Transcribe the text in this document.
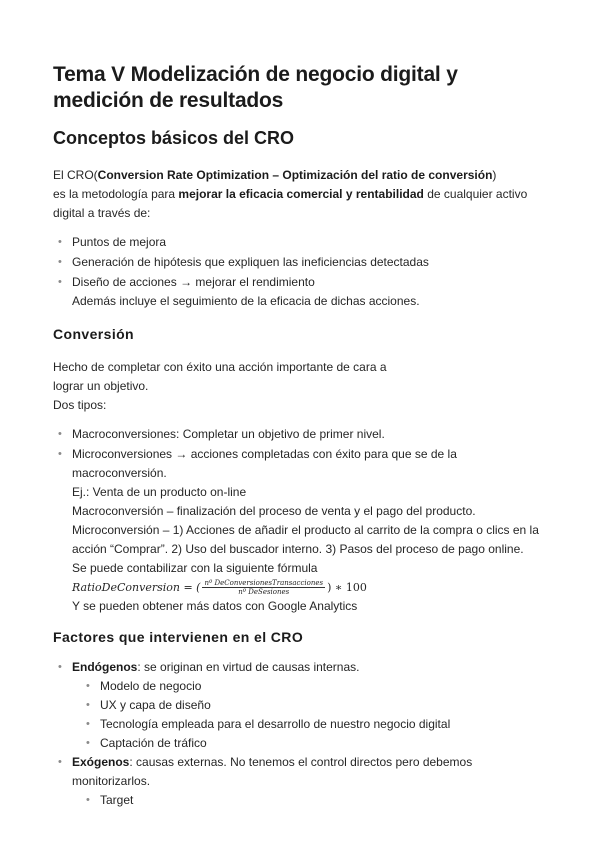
Tema V Modelización de negocio digital y medición de resultados
Conceptos básicos del CRO

El CRO(Conversion Rate Optimization – Optimización del ratio de conversión)
es la metodología para mejorar la eficacia comercial y rentabilidad de cualquier activo digital a través de:

• Puntos de mejora
• Generación de hipótesis que expliquen las ineficiencias detectadas
• Diseño de acciones → mejorar el rendimiento
Además incluye el seguimiento de la eficacia de dichas acciones.
Conversión

Hecho de completar con éxito una acción importante de cara a
lograr un objetivo.
Dos tipos:

• Macroconversiones: Completar un objetivo de primer nivel.
• Microconversiones → acciones completadas con éxito para que se de la macroconversión.
Ej.: Venta de un producto on-line
Macroconversión – finalización del proceso de venta y el pago del producto.
Microconversión – 1) Acciones de añadir el producto al carrito de la compra o clics en la acción “Comprar”. 2) Uso del buscador interno. 3) Pasos del proceso de pago online.
Se puede contabilizar con la siguiente fórmula

RatioDeConversion = ( $\frac{\text{nº DeConversionesTransacciones}}{\text{nº DeSesiones}}$ ) ∗ 100

Y se pueden obtener más datos con Google Analytics
Factores que intervienen en el CRO
• Endógenos: se originan en virtud de causas internas.
• Modelo de negocio
• UX y capa de diseño
• Tecnología empleada para el desarrollo de nuestro negocio digital
• Captación de tráfico
• Exógenos: causas externas. No tenemos el control directos pero debemos monitorizarlos.
• Target
